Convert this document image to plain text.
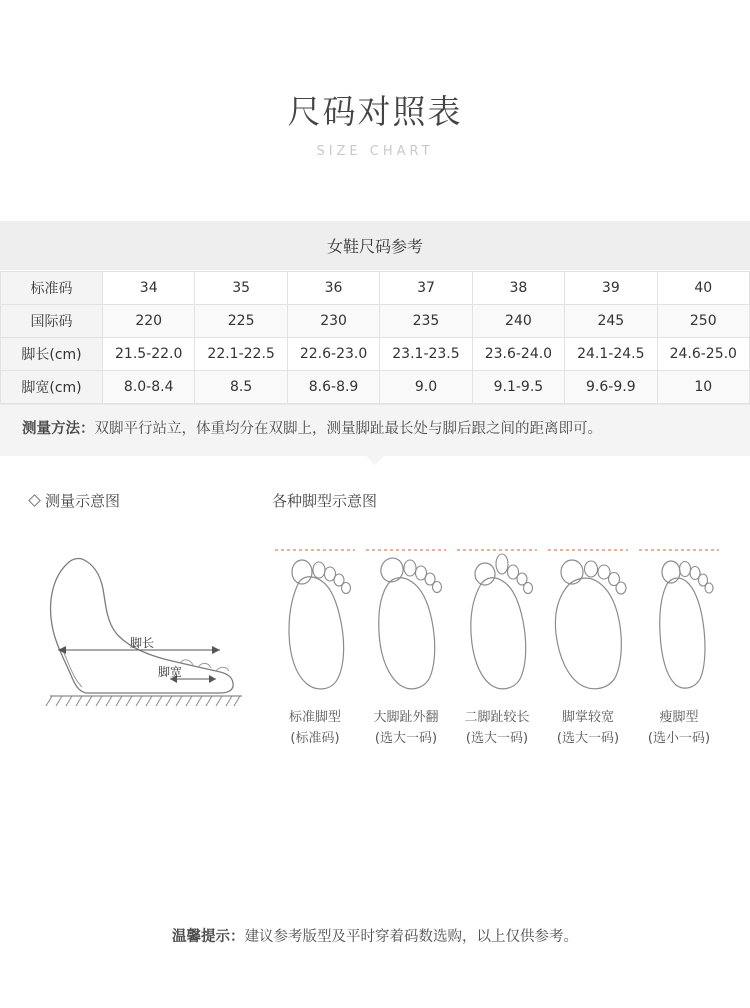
尺码对照表
SIZE CHART
女鞋尺码参考
标准码	34	35	36	37	38	39	40
国际码	220	225	230	235	240	245	250
脚长(cm)	21.5-22.0	22.1-22.5	22.6-23.0	23.1-23.5	23.6-24.0	24.1-24.5	24.6-25.0
脚宽(cm)	8.0-8.4	8.5	8.6-8.9	9.0	9.1-9.5	9.6-9.9	10
测量方法：双脚平行站立，体重均分在双脚上，测量脚趾最长处与脚后跟之间的距离即可。
测量示意图
脚长
脚宽
各种脚型示意图
标准脚型
(标准码)
大脚趾外翻
(选大一码)
二脚趾较长
(选大一码)
脚掌较宽
(选大一码)
瘦脚型
(选小一码)
温馨提示：建议参考版型及平时穿着码数选购，以上仅供参考。
